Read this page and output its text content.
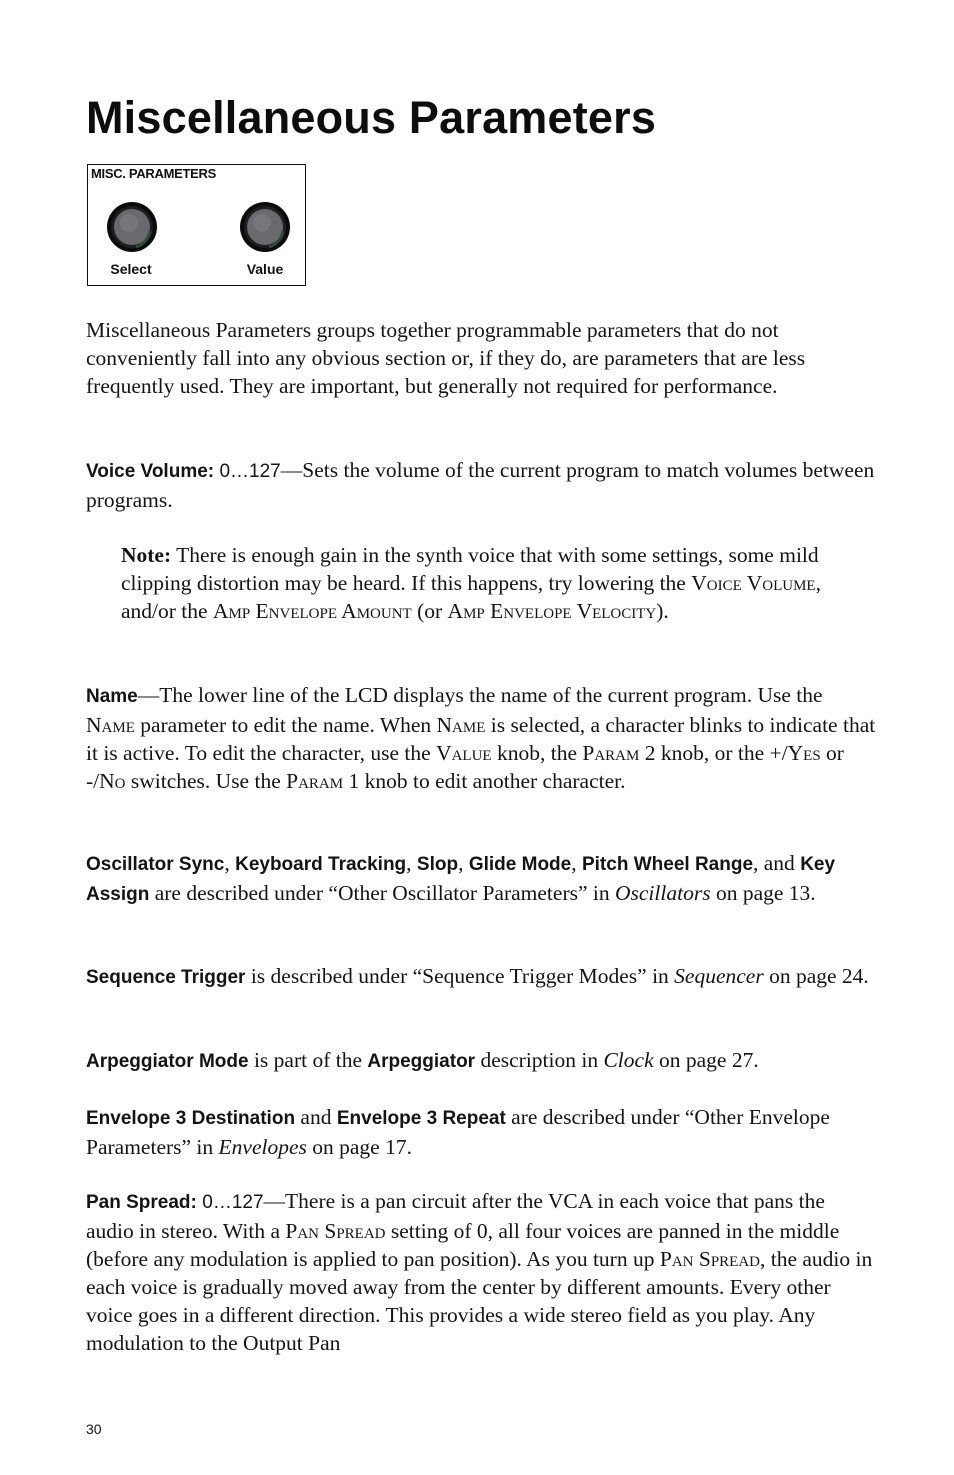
Miscellaneous Parameters
MISC. PARAMETERS
Select	Value

Miscellaneous Parameters groups together programmable parameters that do not conveniently fall into any obvious section or, if they do, are parameters that are less frequently used. They are important, but generally not required for performance.

Voice Volume: 0…127—Sets the volume of the current program to match volumes between programs.

Note: There is enough gain in the synth voice that with some settings, some mild clipping distortion may be heard. If this happens, try lowering the Voice Volume, and/or the Amp Envelope Amount (or Amp Envelope Velocity).

Name—The lower line of the LCD displays the name of the current program. Use the Name parameter to edit the name. When Name is selected, a character blinks to indicate that it is active. To edit the character, use the Value knob, the Param 2 knob, or the +/Yes or -/No switches. Use the Param 1 knob to edit another character.

Oscillator Sync, Keyboard Tracking, Slop, Glide Mode, Pitch Wheel Range, and Key Assign are described under “Other Oscillator Parameters” in Oscillators on page 13.

Sequence Trigger is described under “Sequence Trigger Modes” in Sequencer on page 24.

Arpeggiator Mode is part of the Arpeggiator description in Clock on page 27.

Envelope 3 Destination and Envelope 3 Repeat are described under “Other Envelope Parameters” in Envelopes on page 17.

Pan Spread: 0…127—There is a pan circuit after the VCA in each voice that pans the audio in stereo. With a Pan Spread setting of 0, all four voices are panned in the middle (before any modulation is applied to pan position). As you turn up Pan Spread, the audio in each voice is gradually moved away from the center by different amounts. Every other voice goes in a different direction. This provides a wide stereo field as you play. Any modulation to the Output Pan

30
